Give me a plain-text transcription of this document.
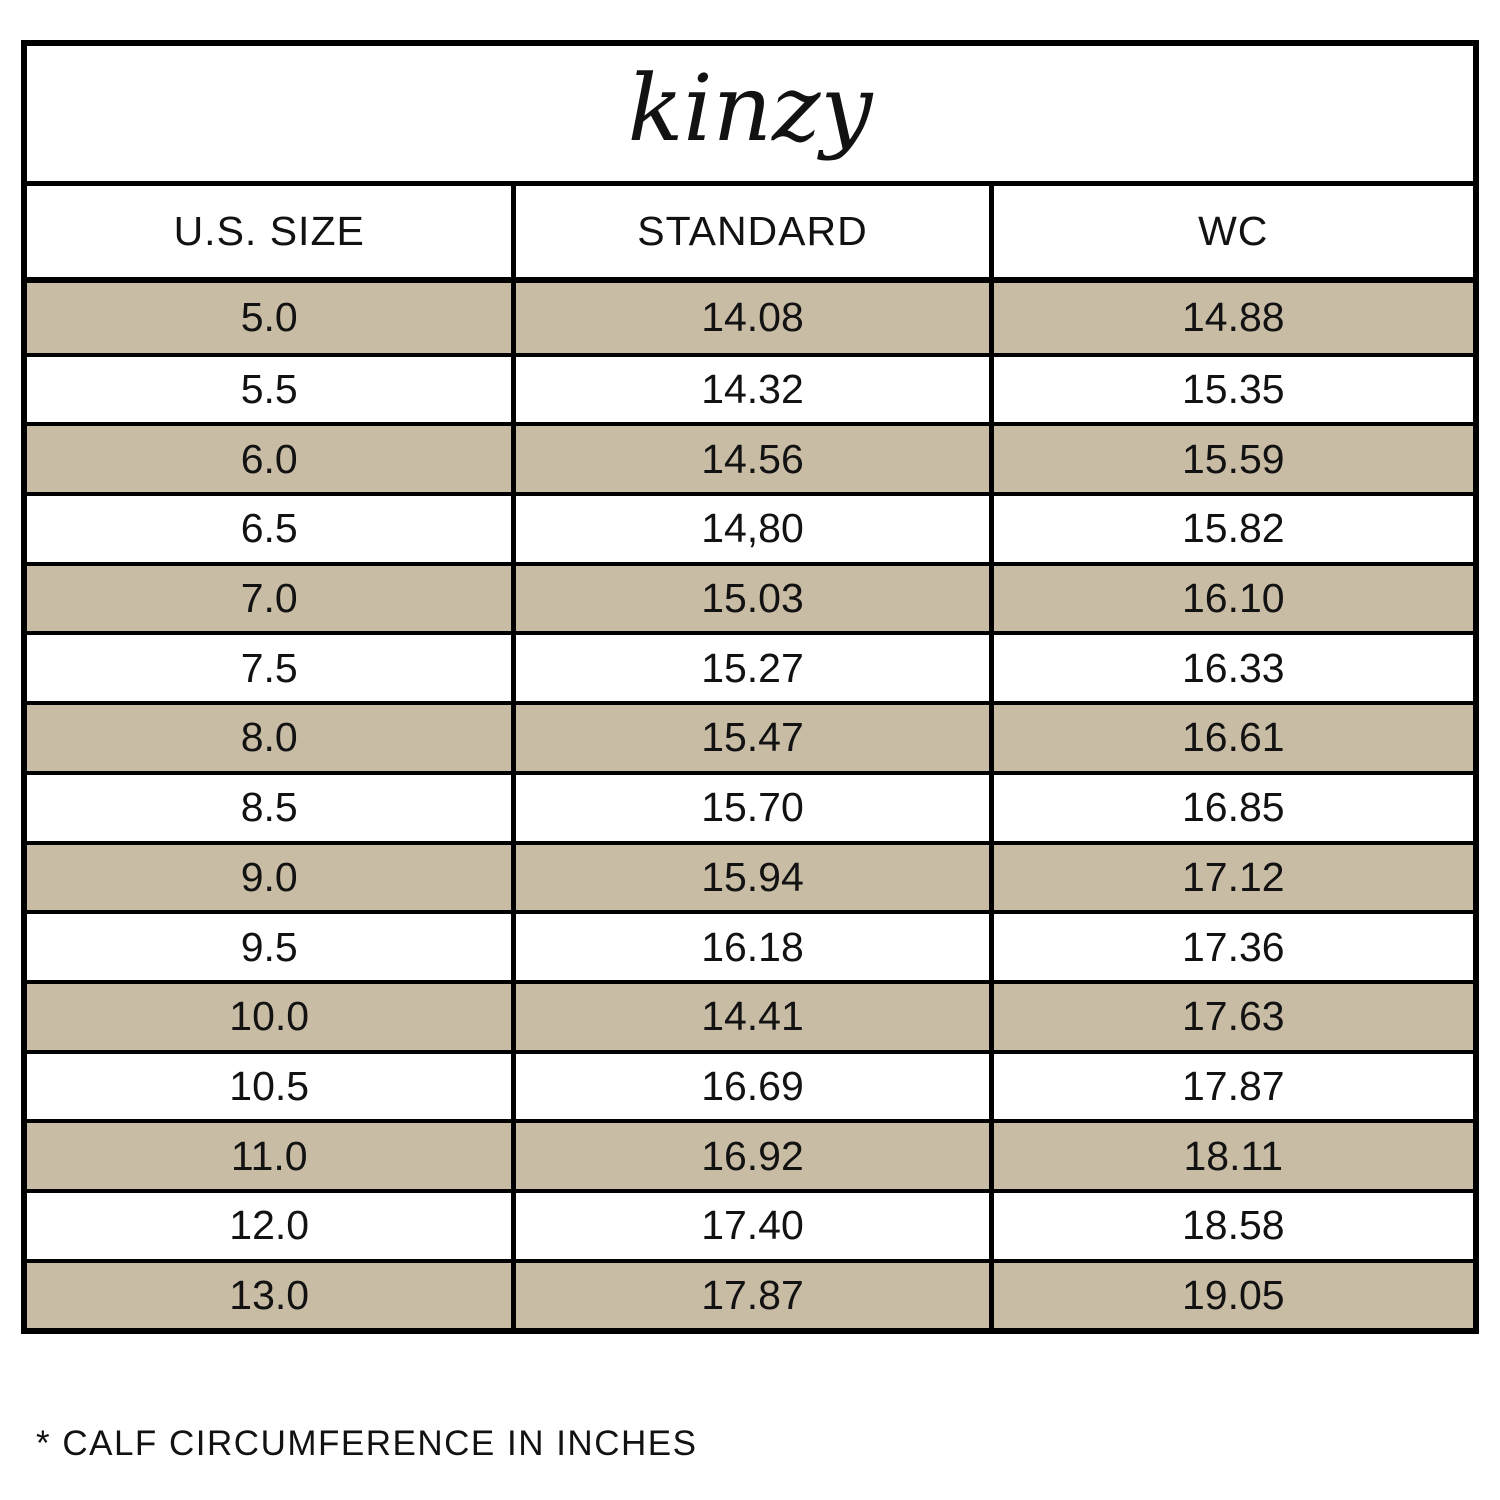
kinzy
U.S. SIZE	STANDARD	WC
5.0	14.08	14.88
5.5	14.32	15.35
6.0	14.56	15.59
6.5	14,80	15.82
7.0	15.03	16.10
7.5	15.27	16.33
8.0	15.47	16.61
8.5	15.70	16.85
9.0	15.94	17.12
9.5	16.18	17.36
10.0	14.41	17.63
10.5	16.69	17.87
11.0	16.92	18.11
12.0	17.40	18.58
13.0	17.87	19.05
* CALF CIRCUMFERENCE IN INCHES
